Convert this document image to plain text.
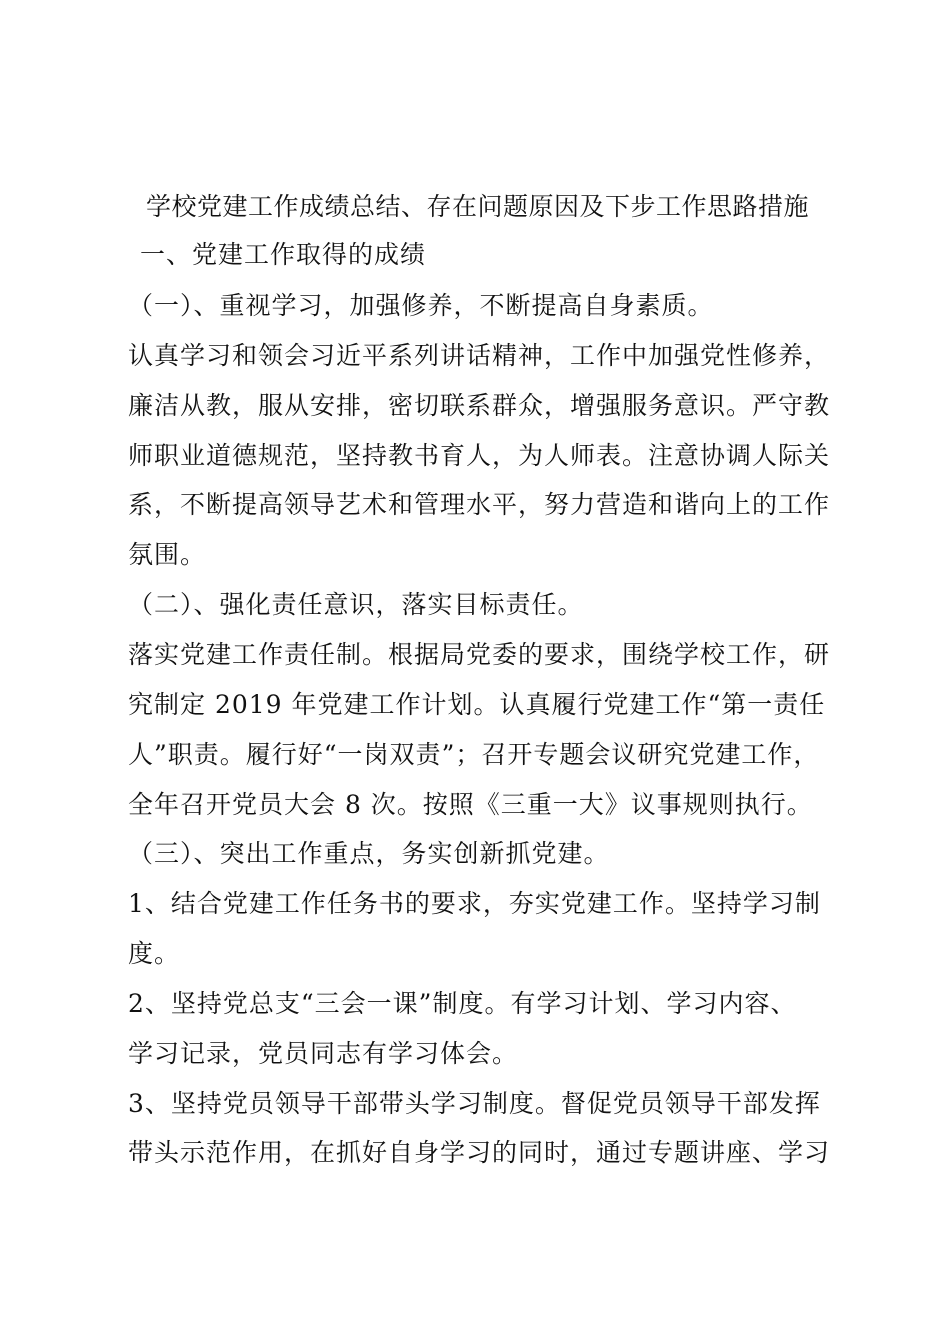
学校党建工作成绩总结、存在问题原因及下步工作思路措施
一、党建工作取得的成绩
（一）、重视学习，加强修养，不断提高自身素质。
认真学习和领会习近平系列讲话精神，工作中加强党性修养，
廉洁从教，服从安排，密切联系群众，增强服务意识。严守教
师职业道德规范，坚持教书育人，为人师表。注意协调人际关
系，不断提高领导艺术和管理水平，努力营造和谐向上的工作
氛围。
（二）、强化责任意识，落实目标责任。
落实党建工作责任制。根据局党委的要求，围绕学校工作，研
究制定 2019 年党建工作计划。认真履行党建工作“第一责任
人”职责。履行好“一岗双责”；召开专题会议研究党建工作，
全年召开党员大会 8 次。按照《三重一大》议事规则执行。
（三）、突出工作重点，务实创新抓党建。
1、结合党建工作任务书的要求，夯实党建工作。坚持学习制
度。
2、坚持党总支“三会一课”制度。有学习计划、学习内容、
学习记录，党员同志有学习体会。
3、坚持党员领导干部带头学习制度。督促党员领导干部发挥
带头示范作用，在抓好自身学习的同时，通过专题讲座、学习
